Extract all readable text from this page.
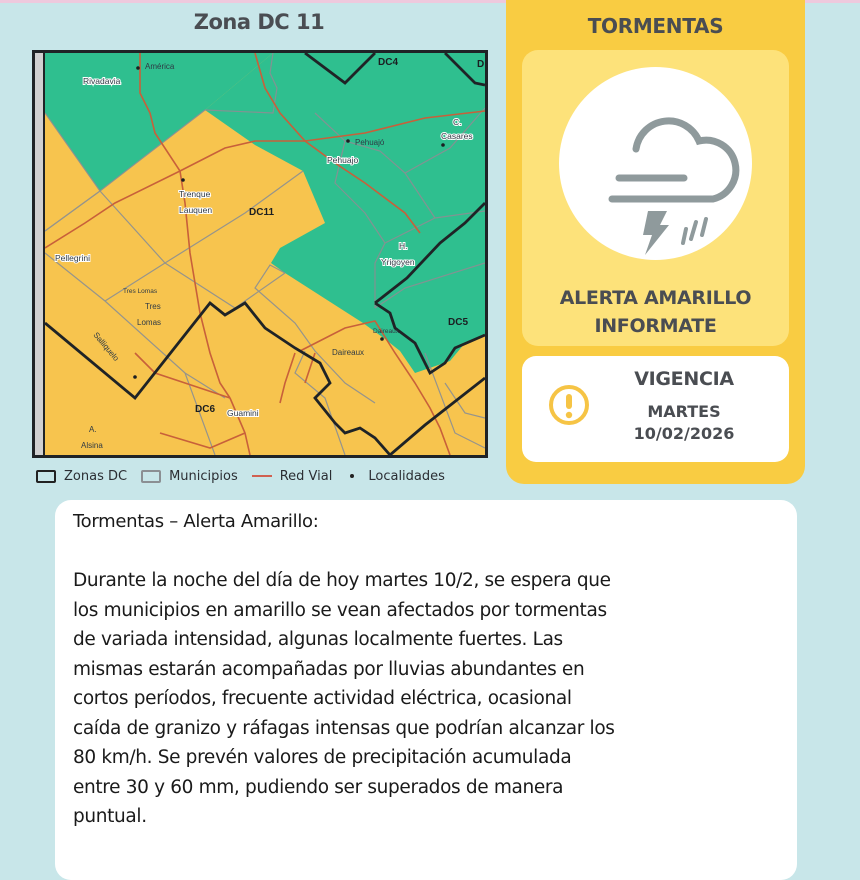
Zona DC 11
América
Rivadavia
Trenque
Lauquen	DC11
DC4	D
Pehuajó
Pehuajo
C.
Casares
Pellegrini
Tres Lomas
Tres
Lomas
H.
Yrigoyen
DC5
Daireaux
Daireaux
Salliquelo
DC6 Guamini
A.
Alsina
Zonas DC	Municipios	Red Vial	Localidades
TORMENTAS
ALERTA AMARILLO
INFORMATE
VIGENCIA
MARTES
10/02/2026
Tormentas – Alerta Amarillo:
Durante la noche del día de hoy martes 10/2, se espera que
los municipios en amarillo se vean afectados por tormentas
de variada intensidad, algunas localmente fuertes. Las
mismas estarán acompañadas por lluvias abundantes en
cortos períodos, frecuente actividad eléctrica, ocasional
caída de granizo y ráfagas intensas que podrían alcanzar los
80 km/h. Se prevén valores de precipitación acumulada
entre 30 y 60 mm, pudiendo ser superados de manera
puntual.
